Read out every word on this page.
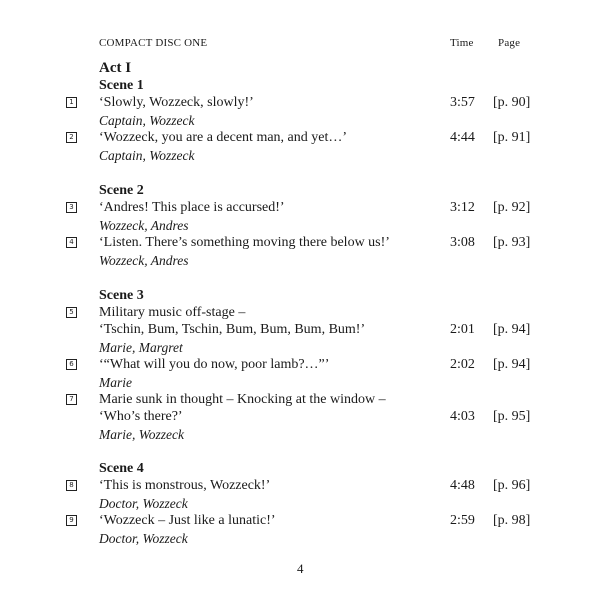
COMPACT DISC ONE	Time Page
Act I
Scene 1
1 ‘Slowly, Wozzeck, slowly!’	3:57 [p. 90]
Captain, Wozzeck
2 ‘Wozzeck, you are a decent man, and yet…’	4:44 [p. 91]
Captain, Wozzeck
Scene 2
3 ‘Andres! This place is accursed!’	3:12 [p. 92]
Wozzeck, Andres
4 ‘Listen. There’s something moving there below us!’	3:08 [p. 93]
Wozzeck, Andres
Scene 3
5 Military music off-stage –
‘Tschin, Bum, Tschin, Bum, Bum, Bum, Bum!’	2:01 [p. 94]
Marie, Margret
6 ‘“What will you do now, poor lamb?…”’	2:02 [p. 94]
Marie
7 Marie sunk in thought – Knocking at the window –
‘Who’s there?’	4:03 [p. 95]
Marie, Wozzeck
Scene 4
8 ‘This is monstrous, Wozzeck!’	4:48 [p. 96]
Doctor, Wozzeck
9 ‘Wozzeck – Just like a lunatic!’	2:59 [p. 98]
Doctor, Wozzeck
4
